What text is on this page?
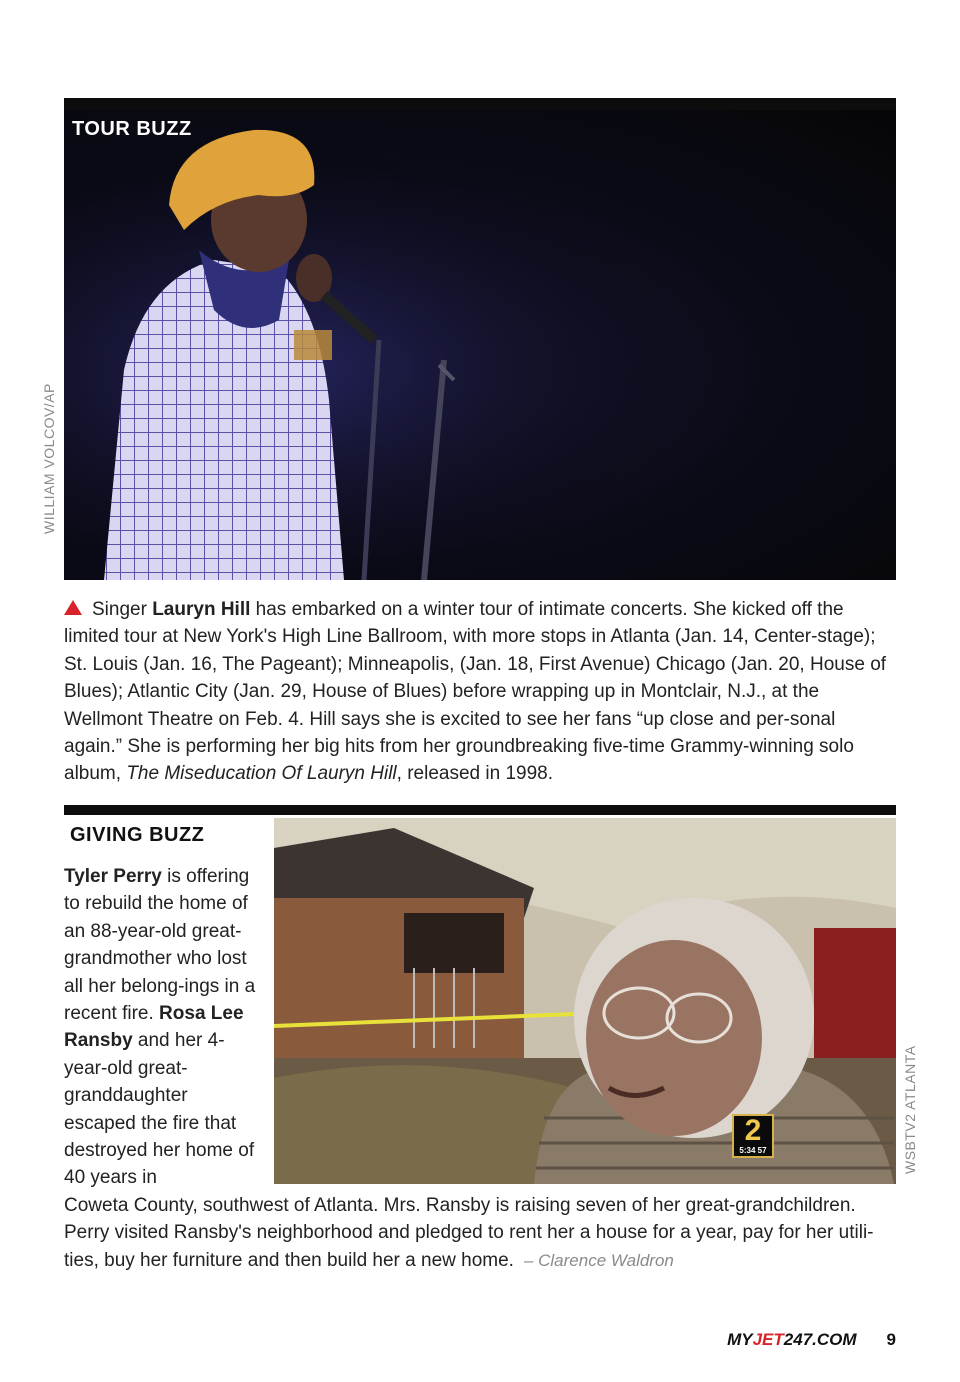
WILLIAM VOLCOV/AP
WSBTV2 ATLANTA
TOUR BUZZ
Singer Lauryn Hill has embarked on a winter tour of intimate concerts. She kicked off the limited tour at New York's High Line Ballroom, with more stops in Atlanta (Jan. 14, Center-stage); St. Louis (Jan. 16, The Pageant); Minneapolis, (Jan. 18, First Avenue) Chicago (Jan. 20, House of Blues); Atlantic City (Jan. 29, House of Blues) before wrapping up in Montclair, N.J., at the Wellmont Theatre on Feb. 4. Hill says she is excited to see her fans “up close and per-sonal again.” She is performing her big hits from her groundbreaking five-time Grammy-winning solo album, The Miseducation Of Lauryn Hill, released in 1998.
GIVING BUZZ
2
5:34 57
Tyler Perry is offering to rebuild the home of an 88-year-old great-grandmother who lost all her belong-ings in a recent fire. Rosa Lee Ransby and her 4-year-old great-granddaughter escaped the fire that destroyed her home of 40 years in
Coweta County, southwest of Atlanta. Mrs. Ransby is raising seven of her great-grandchildren. Perry visited Ransby's neighborhood and pledged to rent her a house for a year, pay for her utili-ties, buy her furniture and then build her a new home. – Clarence Waldron
MYJET247.COM 9
